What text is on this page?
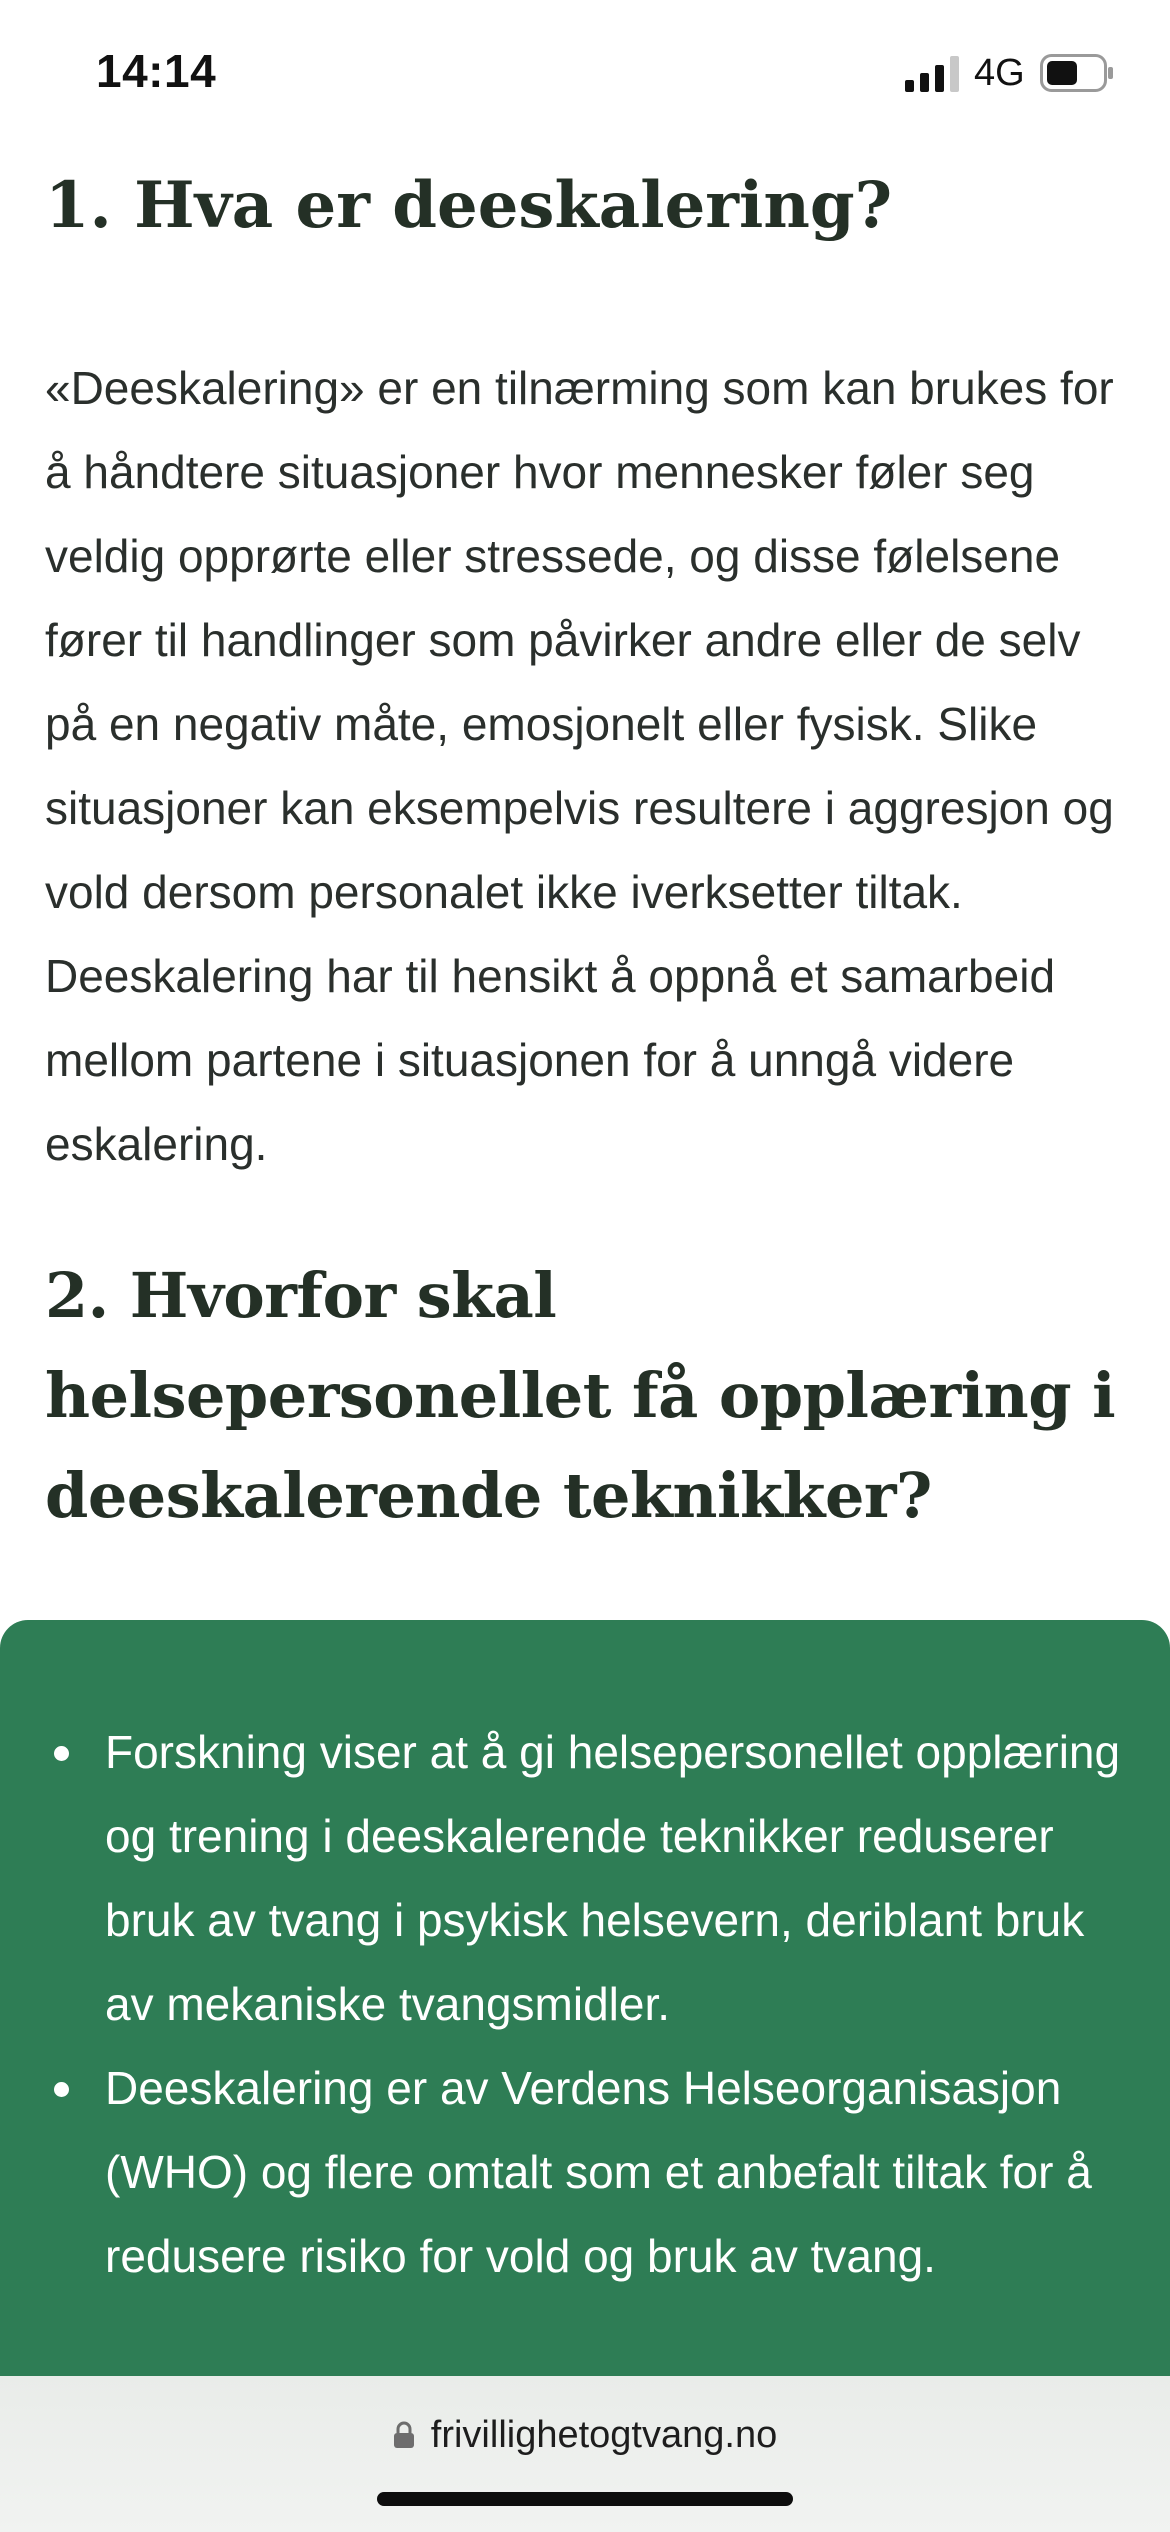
14:14	4G
1. Hva er deeskalering?

«Deeskalering» er en tilnærming som kan brukes for å håndtere situasjoner hvor mennesker føler seg veldig opprørte eller stressede, og disse følelsene fører til handlinger som påvirker andre eller de selv på en negativ måte, emosjonelt eller fysisk. Slike situasjoner kan eksempelvis resultere i aggresjon og vold dersom personalet ikke iverksetter tiltak. Deeskalering har til hensikt å oppnå et samarbeid mellom partene i situasjonen for å unngå videre eskalering.

2. Hvorfor skal helsepersonellet få opplæring i deeskalerende teknikker?
Forskning viser at å gi helsepersonellet opplæring og trening i deeskalerende teknikker reduserer bruk av tvang i psykisk helsevern, deriblant bruk av mekaniske tvangsmidler.
Deeskalering er av Verdens Helseorganisasjon (WHO) og flere omtalt som et anbefalt tiltak for å redusere risiko for vold og bruk av tvang.
frivillighetogtvang.no
